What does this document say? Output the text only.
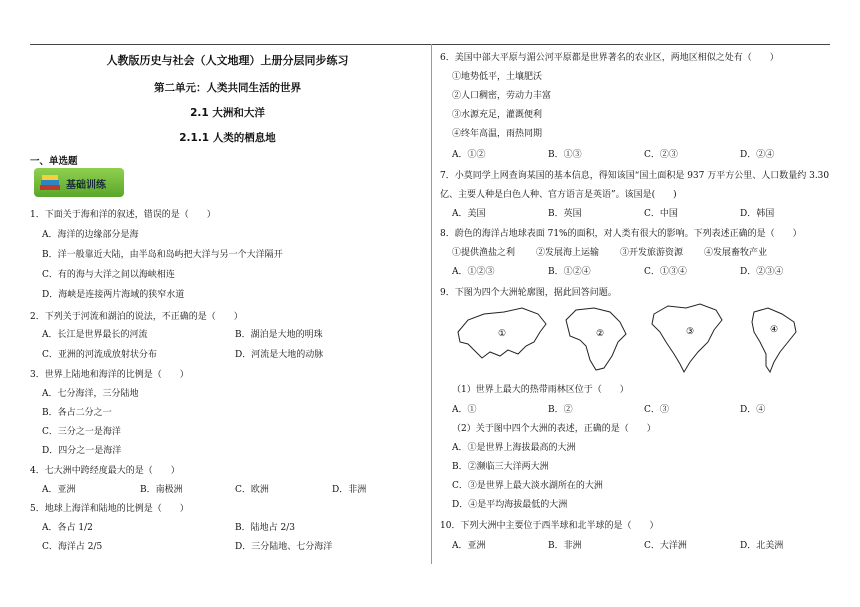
人教版历史与社会（人文地理）上册分层同步练习
第二单元：人类共同生活的世界
2.1 大洲和大洋
2.1.1 人类的栖息地
一、单选题
基础训练
1．下面关于海和洋的叙述，错误的是（　　）
A．海洋的边缘部分是海
B．洋一般靠近大陆，由半岛和岛屿把大洋与另一个大洋隔开
C．有的海与大洋之间以海峡相连
D．海峡是连接两片海域的狭窄水道
2．下列关于河流和湖泊的说法，不正确的是（　　）
A．长江是世界最长的河流	B．湖泊是大地的明珠
C．亚洲的河流成放射状分布	D．河流是大地的动脉
3．世界上陆地和海洋的比例是（　　）
A．七分海洋，三分陆地
B．各占二分之一
C．三分之一是海洋
D．四分之一是海洋
4．七大洲中跨经度最大的是（　　）
A．亚洲	B．南极洲	C．欧洲	D．非洲
5．地球上海洋和陆地的比例是（　　）
A．各占 1/2	B．陆地占 2/3
C．海洋占 2/5	D．三分陆地、七分海洋
6．美国中部大平原与湄公河平原都是世界著名的农业区，两地区相似之处有（　　）
①地势低平，土壤肥沃
②人口稠密，劳动力丰富
③水源充足，灌溉便利
④终年高温，雨热同期
A．①②	B．①③	C．②③	D．②④
7．小莫同学上网查询某国的基本信息，得知该国“国土面积是 937 万平方公里、人口数量约 3.30
亿、主要人种是白色人种、官方语言是英语”。该国是(　　)
A．美国	B．英国	C．中国	D．韩国
8．蔚色的海洋占地球表面 71%的面积，对人类有很大的影响。下列表述正确的是（　　）
①提供渔盐之利 ②发展海上运输 ③开发旅游资源 ④发展畜牧产业
A．①②③	B．①②④	C．①③④	D．②③④
9．下图为四个大洲轮廓图，据此回答问题。
①	②	③	④
（1）世界上最大的热带雨林区位于（　　）
A．①	B．②	C．③	D．④
（2）关于图中四个大洲的表述，正确的是（　　）
A．①是世界上海拔最高的大洲
B．②濒临三大洋两大洲
C．③是世界上最大淡水湖所在的大洲
D．④是平均海拔最低的大洲
10．下列大洲中主要位于西半球和北半球的是（　　）
A．亚洲	B．非洲	C．大洋洲	D．北美洲
